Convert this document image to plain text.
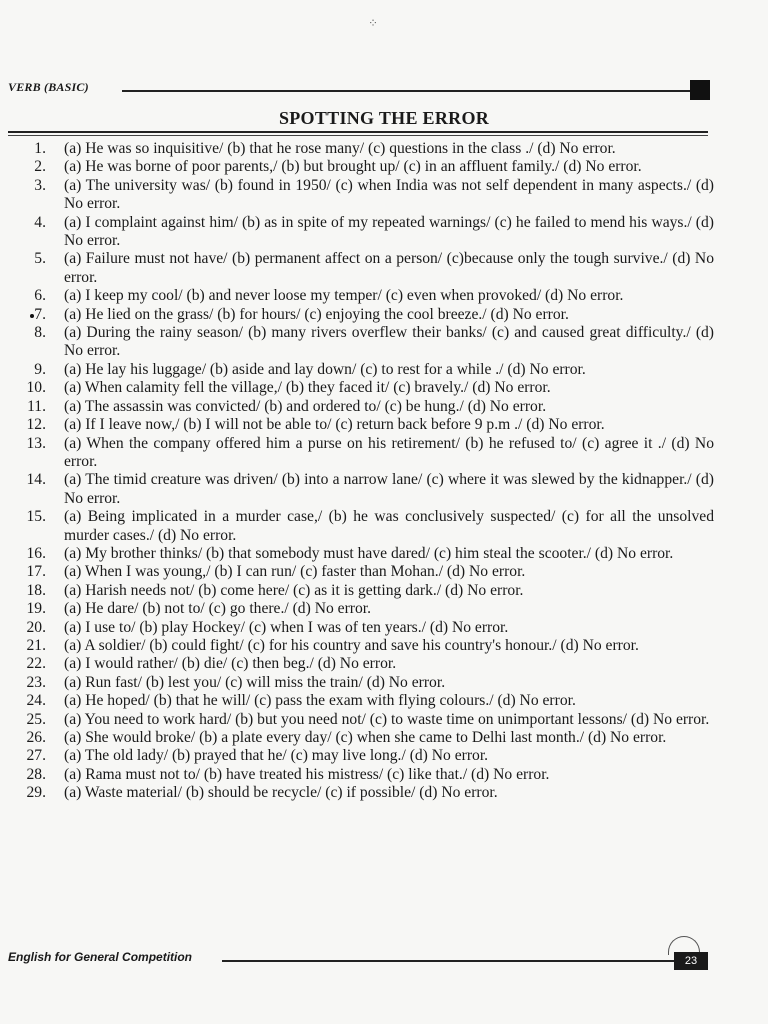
⁘
VERB (BASIC)
SPOTTING THE ERROR
1. (a) He was so inquisitive/ (b) that he rose many/ (c) questions in the class ./ (d) No error.
2. (a) He was borne of poor parents,/ (b) but brought up/ (c) in an affluent family./ (d) No error.
3. (a) The university was/ (b) found in 1950/ (c) when India was not self dependent in many aspects./ (d) No error.
4. (a) I complaint against him/ (b) as in spite of my repeated warnings/ (c) he failed to mend his ways./ (d) No error.
5. (a) Failure must not have/ (b) permanent affect on a person/ (c)because only the tough survive./ (d) No error.
6. (a) I keep my cool/ (b) and never loose my temper/ (c) even when provoked/ (d) No error.
7. (a) He lied on the grass/ (b) for hours/ (c) enjoying the cool breeze./ (d) No error.
8. (a) During the rainy season/ (b) many rivers overflew their banks/ (c) and caused great difficulty./ (d) No error.
9. (a) He lay his luggage/ (b) aside and lay down/ (c) to rest for a while ./ (d) No error.
10. (a) When calamity fell the village,/ (b) they faced it/ (c) bravely./ (d) No error.
11. (a) The assassin was convicted/ (b) and ordered to/ (c) be hung./ (d) No error.
12. (a) If I leave now,/ (b) I will not be able to/ (c) return back before 9 p.m ./ (d) No error.
13. (a) When the company offered him a purse on his retirement/ (b) he refused to/ (c) agree it ./ (d) No error.
14. (a) The timid creature was driven/ (b) into a narrow lane/ (c) where it was slewed by the kidnapper./ (d) No error.
15. (a) Being implicated in a murder case,/ (b) he was conclusively suspected/ (c) for all the unsolved murder cases./ (d) No error.
16. (a) My brother thinks/ (b) that somebody must have dared/ (c) him steal the scooter./ (d) No error.
17. (a) When I was young,/ (b) I can run/ (c) faster than Mohan./ (d) No error.
18. (a) Harish needs not/ (b) come here/ (c) as it is getting dark./ (d) No error.
19. (a) He dare/ (b) not to/ (c) go there./ (d) No error.
20. (a) I use to/ (b) play Hockey/ (c) when I was of ten years./ (d) No error.
21. (a) A soldier/ (b) could fight/ (c) for his country and save his country's honour./ (d) No error.
22. (a) I would rather/ (b) die/ (c) then beg./ (d) No error.
23. (a) Run fast/ (b) lest you/ (c) will miss the train/ (d) No error.
24. (a) He hoped/ (b) that he will/ (c) pass the exam with flying colours./ (d) No error.
25. (a) You need to work hard/ (b) but you need not/ (c) to waste time on unimportant lessons/ (d) No error.
26. (a) She would broke/ (b) a plate every day/ (c) when she came to Delhi last month./ (d) No error.
27. (a) The old lady/ (b) prayed that he/ (c) may live long./ (d) No error.
28. (a) Rama must not to/ (b) have treated his mistress/ (c) like that./ (d) No error.
29. (a) Waste material/ (b) should be recycle/ (c) if possible/ (d) No error.
English for General Competition	23
